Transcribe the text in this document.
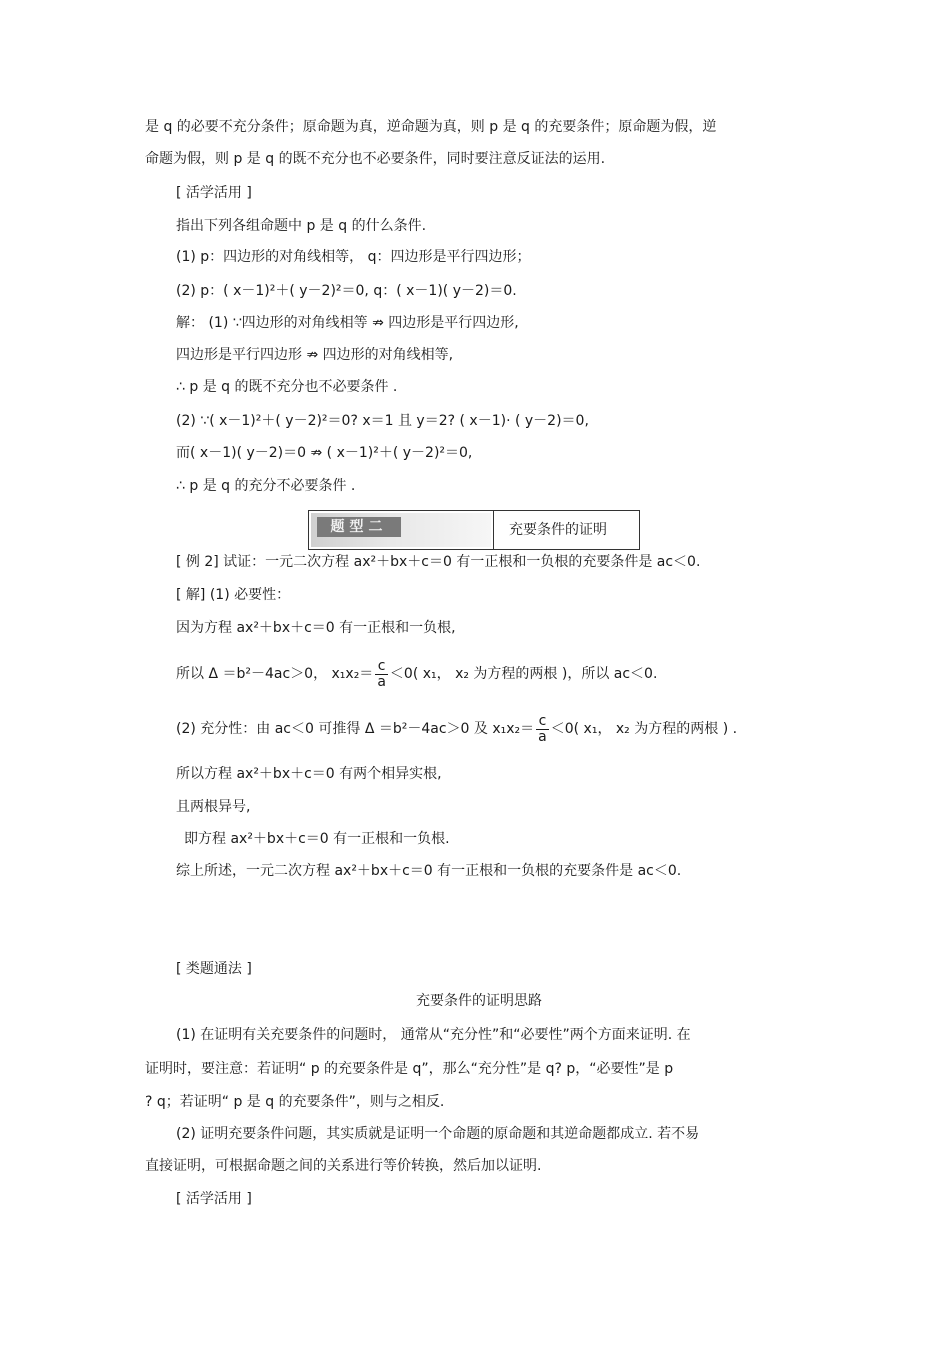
是 q 的必要不充分条件；原命题为真，逆命题为真，则 p 是 q 的充要条件；原命题为假，逆
命题为假，则 p 是 q 的既不充分也不必要条件，同时要注意反证法的运用.
[ 活学活用 ]
指出下列各组命题中 p 是 q 的什么条件.
(1) p：四边形的对角线相等， q：四边形是平行四边形；
(2) p：( x－1)²＋( y－2)²＝0, q：( x－1)( y－2)＝0.
解： (1) ∵四边形的对角线相等 ⇏ 四边形是平行四边形,
四边形是平行四边形 ⇏ 四边形的对角线相等,
∴ p 是 q 的既不充分也不必要条件 .
(2) ∵( x－1)²＋( y－2)²＝0? x＝1 且 y＝2? ( x－1)· ( y－2)＝0,
而( x－1)( y－2)＝0 ⇏ ( x－1)²＋( y－2)²＝0,
∴ p 是 q 的充分不必要条件 .
题型二	充要条件的证明
[ 例 2] 试证：一元二次方程 ax²＋bx＋c＝0 有一正根和一负根的充要条件是 ac＜0.
[ 解] (1) 必要性：
因为方程 ax²＋bx＋c＝0 有一正根和一负根,
所以 Δ ＝b²－4ac＞0， $x_1x_2= \frac{c}{a} <0$( x₁， x₂ 为方程的两根 )，所以 ac＜0.
(2) 充分性：由 ac＜0 可推得 Δ ＝b²－4ac＞0 及 $x_1x_2= \frac{c}{a} <0$( x₁， x₂ 为方程的两根 ) .
所以方程 ax²＋bx＋c＝0 有两个相异实根,
且两根异号,
即方程 ax²＋bx＋c＝0 有一正根和一负根.
综上所述，一元二次方程 ax²＋bx＋c＝0 有一正根和一负根的充要条件是 ac＜0.
[ 类题通法 ]
充要条件的证明思路
(1) 在证明有关充要条件的问题时， 通常从“充分性”和“必要性”两个方面来证明. 在
证明时，要注意：若证明“ p 的充要条件是 q”，那么“充分性”是 q? p，“必要性”是 p
? q；若证明“ p 是 q 的充要条件”，则与之相反.
(2) 证明充要条件问题，其实质就是证明一个命题的原命题和其逆命题都成立. 若不易
直接证明，可根据命题之间的关系进行等价转换，然后加以证明.
[ 活学活用 ]
